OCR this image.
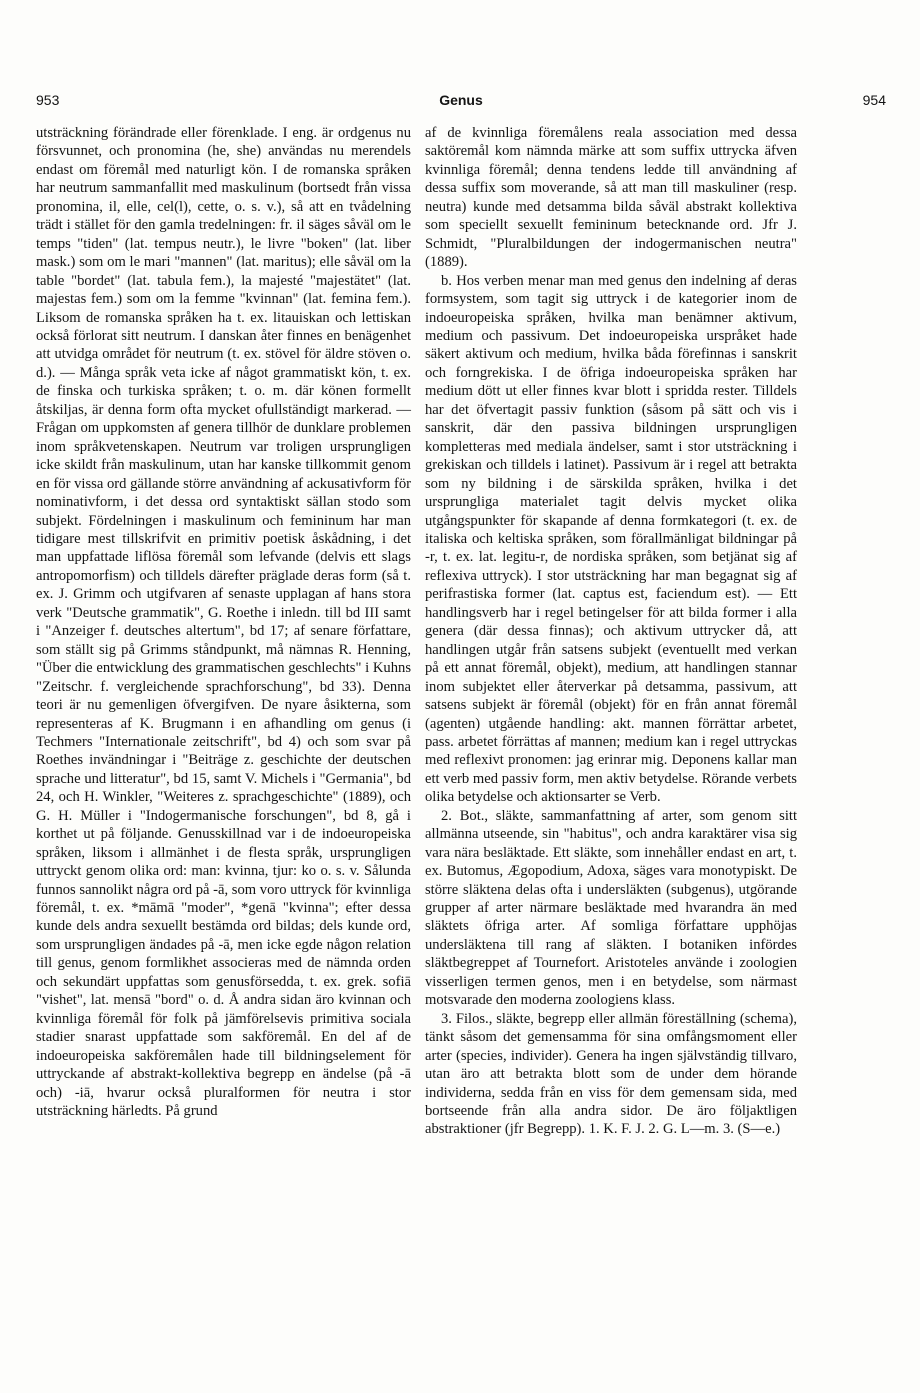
953	Genus	954

utsträckning förändrade eller förenklade. I eng. är ordgenus nu försvunnet, och pronomina (he, she) användas nu merendels endast om föremål med naturligt kön. I de romanska språken har neutrum sammanfallit med maskulinum (bortsedt från vissa pronomina, il, elle, cel(l), cette, o. s. v.), så att en tvådelning trädt i stället för den gamla tredelningen: fr. il säges såväl om le temps "tiden" (lat. tempus neutr.), le livre "boken" (lat. liber mask.) som om le mari "mannen" (lat. maritus); elle såväl om la table "bordet" (lat. tabula fem.), la majesté "majestätet" (lat. majestas fem.) som om la femme "kvinnan" (lat. femina fem.). Liksom de romanska språken ha t. ex. litauiskan och lettiskan också förlorat sitt neutrum. I danskan åter finnes en benägenhet att utvidga området för neutrum (t. ex. stövel för äldre stöven o. d.). — Många språk veta icke af något grammatiskt kön, t. ex. de finska och turkiska språken; t. o. m. där könen formellt åtskiljas, är denna form ofta mycket ofullständigt markerad. — Frågan om uppkomsten af genera tillhör de dunklare problemen inom språkvetenskapen. Neutrum var troligen ursprungligen icke skildt från maskulinum, utan har kanske tillkommit genom en för vissa ord gällande större användning af ackusativform för nominativform, i det dessa ord syntaktiskt sällan stodo som subjekt. Fördelningen i maskulinum och femininum har man tidigare mest tillskrifvit en primitiv poetisk åskådning, i det man uppfattade liflösa föremål som lefvande (delvis ett slags antropomorfism) och tilldels därefter präglade deras form (så t. ex. J. Grimm och utgifvaren af senaste upplagan af hans stora verk "Deutsche grammatik", G. Roethe i inledn. till bd III samt i "Anzeiger f. deutsches altertum", bd 17; af senare författare, som ställt sig på Grimms ståndpunkt, må nämnas R. Henning, "Über die entwicklung des grammatischen geschlechts" i Kuhns "Zeitschr. f. vergleichende sprachforschung", bd 33). Denna teori är nu gemenligen öfvergifven. De nyare åsikterna, som representeras af K. Brugmann i en afhandling om genus (i Techmers "Internationale zeitschrift", bd 4) och som svar på Roethes invändningar i "Beiträge z. geschichte der deutschen sprache und litteratur", bd 15, samt V. Michels i "Germania", bd 24, och H. Winkler, "Weiteres z. sprachgeschichte" (1889), och G. H. Müller i "Indogermanische forschungen", bd 8, gå i korthet ut på följande. Genusskillnad var i de indoeuropeiska språken, liksom i allmänhet i de flesta språk, ursprungligen uttryckt genom olika ord: man: kvinna, tjur: ko o. s. v. Sålunda funnos sannolikt några ord på -ā, som voro uttryck för kvinnliga föremål, t. ex. *māmā "moder", *genā "kvinna"; efter dessa kunde dels andra sexuellt bestämda ord bildas; dels kunde ord, som ursprungligen ändades på -ā, men icke egde någon relation till genus, genom formlikhet associeras med de nämnda orden och sekundärt uppfattas som genusförsedda, t. ex. grek. sofiā "vishet", lat. mensā "bord" o. d. Å andra sidan äro kvinnan och kvinnliga föremål för folk på jämförelsevis primitiva sociala stadier snarast uppfattade som sakföremål. En del af de indoeuropeiska sakföremålen hade till bildningselement för uttryckande af abstrakt-kollektiva begrepp en ändelse (på -ā och) -iā, hvarur också pluralformen för neutra i stor utsträckning härledts. På grund

af de kvinnliga föremålens reala association med dessa saktöremål kom nämnda märke att som suffix uttrycka äfven kvinnliga föremål; denna tendens ledde till användning af dessa suffix som moverande, så att man till maskuliner (resp. neutra) kunde med detsamma bilda såväl abstrakt kollektiva som speciellt sexuellt femininum betecknande ord. Jfr J. Schmidt, "Pluralbildungen der indogermanischen neutra" (1889).

b. Hos verben menar man med genus den indelning af deras formsystem, som tagit sig uttryck i de kategorier inom de indoeuropeiska språken, hvilka man benämner aktivum, medium och passivum. Det indoeuropeiska urspråket hade säkert aktivum och medium, hvilka båda förefinnas i sanskrit och forngrekiska. I de öfriga indoeuropeiska språken har medium dött ut eller finnes kvar blott i spridda rester. Tilldels har det öfvertagit passiv funktion (såsom på sätt och vis i sanskrit, där den passiva bildningen ursprungligen kompletteras med mediala ändelser, samt i stor utsträckning i grekiskan och tilldels i latinet). Passivum är i regel att betrakta som ny bildning i de särskilda språken, hvilka i det ursprungliga materialet tagit delvis mycket olika utgångspunkter för skapande af denna formkategori (t. ex. de italiska och keltiska språken, som förallmänligat bildningar på -r, t. ex. lat. legitu-r, de nordiska språken, som betjänat sig af reflexiva uttryck). I stor utsträckning har man begagnat sig af perifrastiska former (lat. captus est, faciendum est). — Ett handlingsverb har i regel betingelser för att bilda former i alla genera (där dessa finnas); och aktivum uttrycker då, att handlingen utgår från satsens subjekt (eventuellt med verkan på ett annat föremål, objekt), medium, att handlingen stannar inom subjektet eller återverkar på detsamma, passivum, att satsens subjekt är föremål (objekt) för en från annat föremål (agenten) utgående handling: akt. mannen förrättar arbetet, pass. arbetet förrättas af mannen; medium kan i regel uttryckas med reflexivt pronomen: jag erinrar mig. Deponens kallar man ett verb med passiv form, men aktiv betydelse. Rörande verbets olika betydelse och aktionsarter se Verb.

2. Bot., släkte, sammanfattning af arter, som genom sitt allmänna utseende, sin "habitus", och andra karaktärer visa sig vara nära besläktade. Ett släkte, som innehåller endast en art, t. ex. Butomus, Ægopodium, Adoxa, säges vara monotypiskt. De större släktena delas ofta i undersläkten (subgenus), utgörande grupper af arter närmare besläktade med hvarandra än med släktets öfriga arter. Af somliga författare upphöjas undersläktena till rang af släkten. I botaniken infördes släktbegreppet af Tournefort. Aristoteles använde i zoologien visserligen termen genos, men i en betydelse, som närmast motsvarade den moderna zoologiens klass.

3. Filos., släkte, begrepp eller allmän föreställning (schema), tänkt såsom det gemensamma för sina omfångsmoment eller arter (species, individer). Genera ha ingen självständig tillvaro, utan äro att betrakta blott som de under dem hörande individerna, sedda från en viss för dem gemensam sida, med bortseende från alla andra sidor. De äro följaktligen abstraktioner (jfr Begrepp). 1. K. F. J. 2. G. L—m. 3. (S—e.)
